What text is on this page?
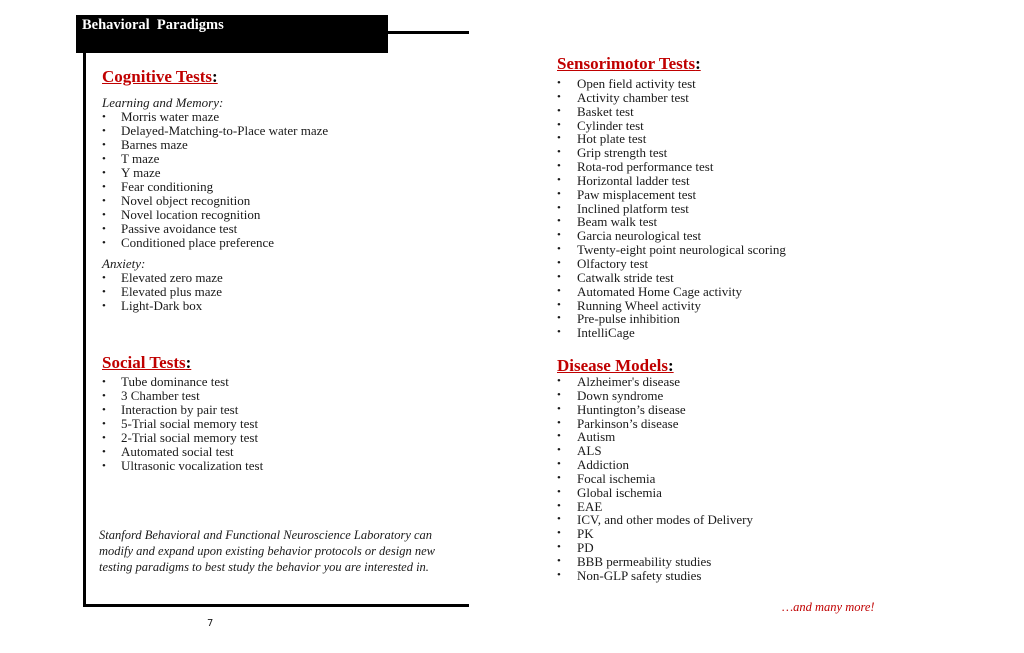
Behavioral  Paradigms
Cognitive Tests:
Learning and Memory:
• Morris water maze
• Delayed-Matching-to-Place water maze
• Barnes maze
• T maze
• Y maze
• Fear conditioning
• Novel object recognition
• Novel location recognition
• Passive avoidance test
• Conditioned place preference
Anxiety:
• Elevated zero maze
• Elevated plus maze
• Light-Dark box
Social Tests:
• Tube dominance test
• 3 Chamber test
• Interaction by pair test
• 5-Trial social memory test
• 2-Trial social memory test
• Automated social test
• Ultrasonic vocalization test
Stanford Behavioral and Functional Neuroscience Laboratory can modify and expand upon existing behavior protocols or design new testing paradigms to best study the behavior you are interested in.
Sensorimotor Tests:
• Open field activity test
• Activity chamber test
• Basket test
• Cylinder test
• Hot plate test
• Grip strength test
• Rota-rod performance test
• Horizontal ladder test
• Paw misplacement test
• Inclined platform test
• Beam walk test
• Garcia neurological test
• Twenty-eight point neurological scoring
• Olfactory test
• Catwalk stride test
• Automated Home Cage activity
• Running Wheel activity
• Pre-pulse inhibition
• IntelliCage
Disease Models:
• Alzheimer's disease
• Down syndrome
• Huntington’s disease
• Parkinson’s disease
• Autism
• ALS
• Addiction
• Focal ischemia
• Global ischemia
• EAE
• ICV, and other modes of Delivery
• PK
• PD
• BBB permeability studies
• Non-GLP safety studies
…and many more!
7
